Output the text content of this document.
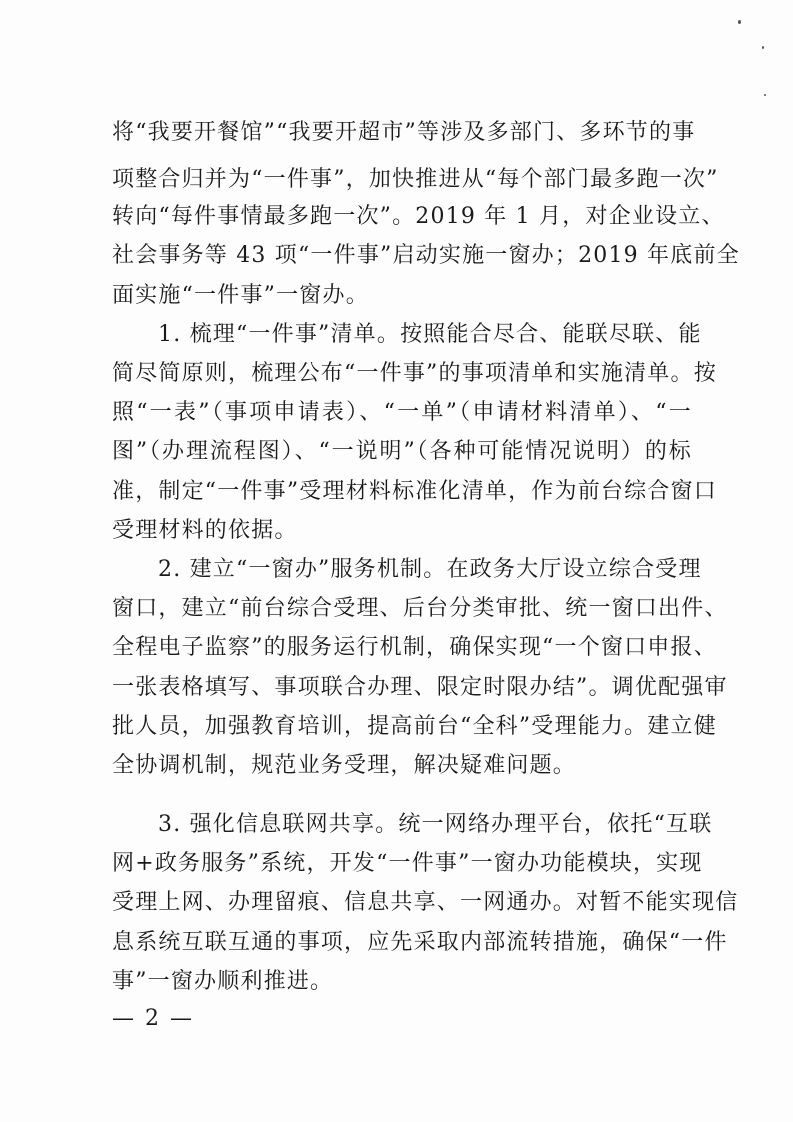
将“我要开餐馆”“我要开超市”等涉及多部门、多环节的事
项整合归并为“一件事”，加快推进从“每个部门最多跑一次”
转向“每件事情最多跑一次”。2019 年 1 月，对企业设立、
社会事务等 43 项“一件事”启动实施一窗办；2019 年底前全
面实施“一件事”一窗办。
1. 梳理“一件事”清单。按照能合尽合、能联尽联、能
简尽简原则，梳理公布“一件事”的事项清单和实施清单。按
照“一表”（事项申请表）、“一单”（申请材料清单）、“一
图”（办理流程图）、“一说明”（各种可能情况说明）的标
准，制定“一件事”受理材料标准化清单，作为前台综合窗口
受理材料的依据。
2. 建立“一窗办”服务机制。在政务大厅设立综合受理
窗口，建立“前台综合受理、后台分类审批、统一窗口出件、
全程电子监察”的服务运行机制，确保实现“一个窗口申报、
一张表格填写、事项联合办理、限定时限办结”。调优配强审
批人员，加强教育培训，提高前台“全科”受理能力。建立健
全协调机制，规范业务受理，解决疑难问题。
3. 强化信息联网共享。统一网络办理平台，依托“互联
网+政务服务”系统，开发“一件事”一窗办功能模块，实现
受理上网、办理留痕、信息共享、一网通办。对暂不能实现信
息系统互联互通的事项，应先采取内部流转措施，确保“一件
事”一窗办顺利推进。
— 2 —
